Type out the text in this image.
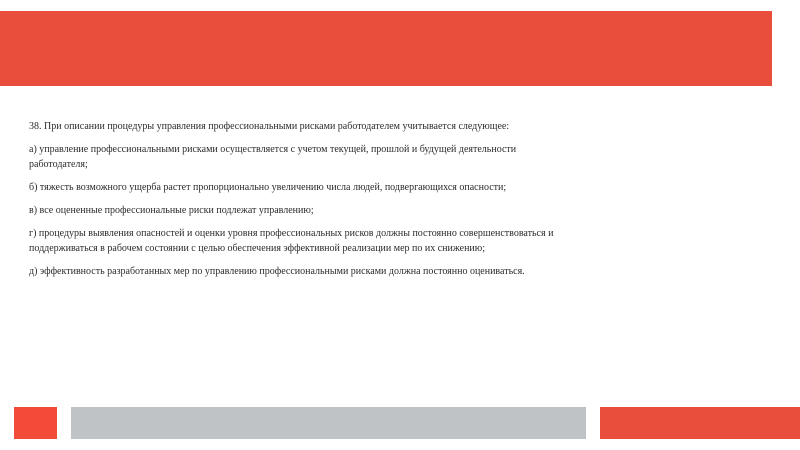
38. При описании процедуры управления профессиональными рисками работодателем учитывается следующее:

а) управление профессиональными рисками осуществляется с учетом текущей, прошлой и будущей деятельности работодателя;

б) тяжесть возможного ущерба растет пропорционально увеличению числа людей, подвергающихся опасности;

в) все оцененные профессиональные риски подлежат управлению;

г) процедуры выявления опасностей и оценки уровня профессиональных рисков должны постоянно совершенствоваться и поддерживаться в рабочем состоянии с целью обеспечения эффективной реализации мер по их снижению;

д) эффективность разработанных мер по управлению профессиональными рисками должна постоянно оцениваться.
